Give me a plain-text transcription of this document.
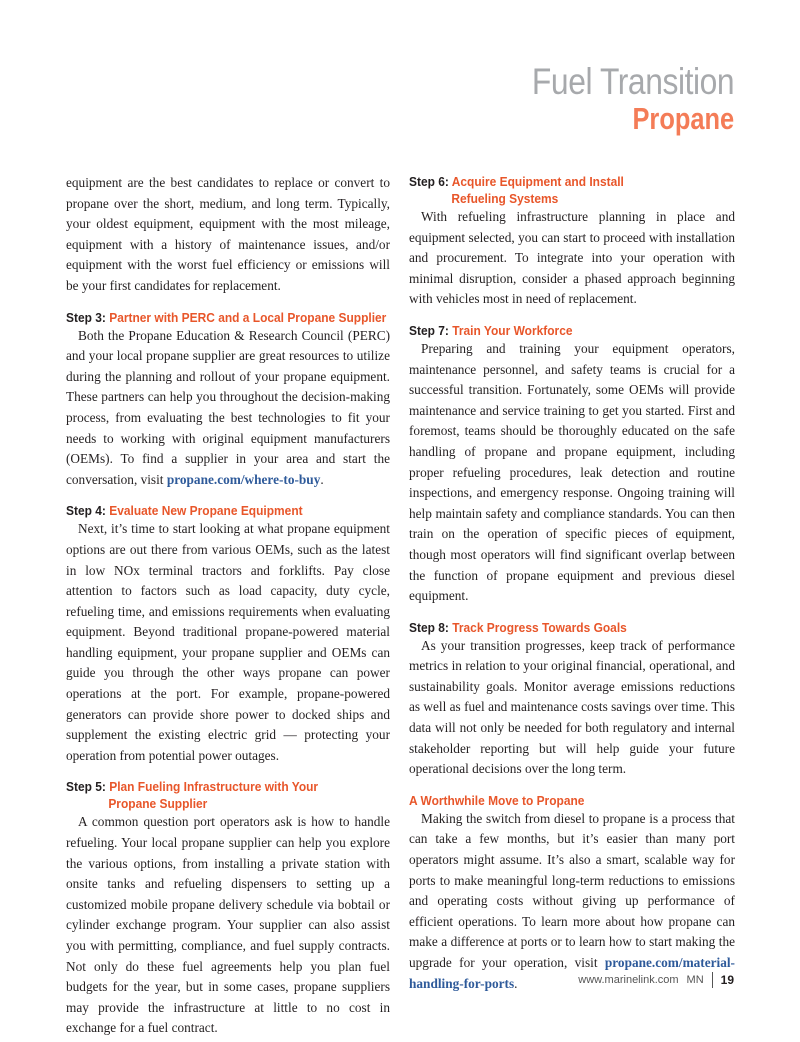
Fuel Transition
Propane

equipment are the best candidates to replace or convert to propane over the short, medium, and long term. Typically, your oldest equipment, equipment with the most mileage, equipment with a history of maintenance issues, and/or equipment with the worst fuel efficiency or emissions will be your first candidates for replacement.

Step 3: Partner with PERC and a Local Propane Supplier

Both the Propane Education & Research Council (PERC) and your local propane supplier are great resources to utilize during the planning and rollout of your propane equipment. These partners can help you throughout the decision-making process, from evaluating the best technologies to fit your needs to working with original equipment manufacturers (OEMs). To find a supplier in your area and start the conversation, visit propane.com/where-to-buy.

Step 4: Evaluate New Propane Equipment

Next, it’s time to start looking at what propane equipment options are out there from various OEMs, such as the latest in low NOx terminal tractors and forklifts. Pay close attention to factors such as load capacity, duty cycle, refueling time, and emissions requirements when evaluating equipment. Beyond traditional propane-powered material handling equipment, your propane supplier and OEMs can guide you through the other ways propane can power operations at the port. For example, propane-powered generators can provide shore power to docked ships and supplement the existing electric grid — protecting your operation from potential power outages.

Step 5: Plan Fueling Infrastructure with Your
Propane Supplier

A common question port operators ask is how to handle refueling. Your local propane supplier can help you explore the various options, from installing a private station with onsite tanks and refueling dispensers to setting up a customized mobile propane delivery schedule via bobtail or cylinder exchange program. Your supplier can also assist you with permitting, compliance, and fuel supply contracts. Not only do these fuel agreements help you plan fuel budgets for the year, but in some cases, propane suppliers may provide the infrastructure at little to no cost in exchange for a fuel contract.

Step 6: Acquire Equipment and Install
Refueling Systems

With refueling infrastructure planning in place and equipment selected, you can start to proceed with installation and procurement. To integrate into your operation with minimal disruption, consider a phased approach beginning with vehicles most in need of replacement.

Step 7: Train Your Workforce

Preparing and training your equipment operators, maintenance personnel, and safety teams is crucial for a successful transition. Fortunately, some OEMs will provide maintenance and service training to get you started. First and foremost, teams should be thoroughly educated on the safe handling of propane and propane equipment, including proper refueling procedures, leak detection and routine inspections, and emergency response. Ongoing training will help maintain safety and compliance standards. You can then train on the operation of specific pieces of equipment, though most operators will find significant overlap between the function of propane equipment and previous diesel equipment.

Step 8: Track Progress Towards Goals

As your transition progresses, keep track of performance metrics in relation to your original financial, operational, and sustainability goals. Monitor average emissions reductions as well as fuel and maintenance costs savings over time. This data will not only be needed for both regulatory and internal stakeholder reporting but will help guide your future operational decisions over the long term.

A Worthwhile Move to Propane

Making the switch from diesel to propane is a process that can take a few months, but it’s easier than many port operators might assume. It’s also a smart, scalable way for ports to make meaningful long-term reductions to emissions and operating costs without giving up performance of efficient operations. To learn more about how propane can make a difference at ports or to learn how to start making the upgrade for your operation, visit propane.com/material-handling-for-ports.	www.marinelink.com MN 19
